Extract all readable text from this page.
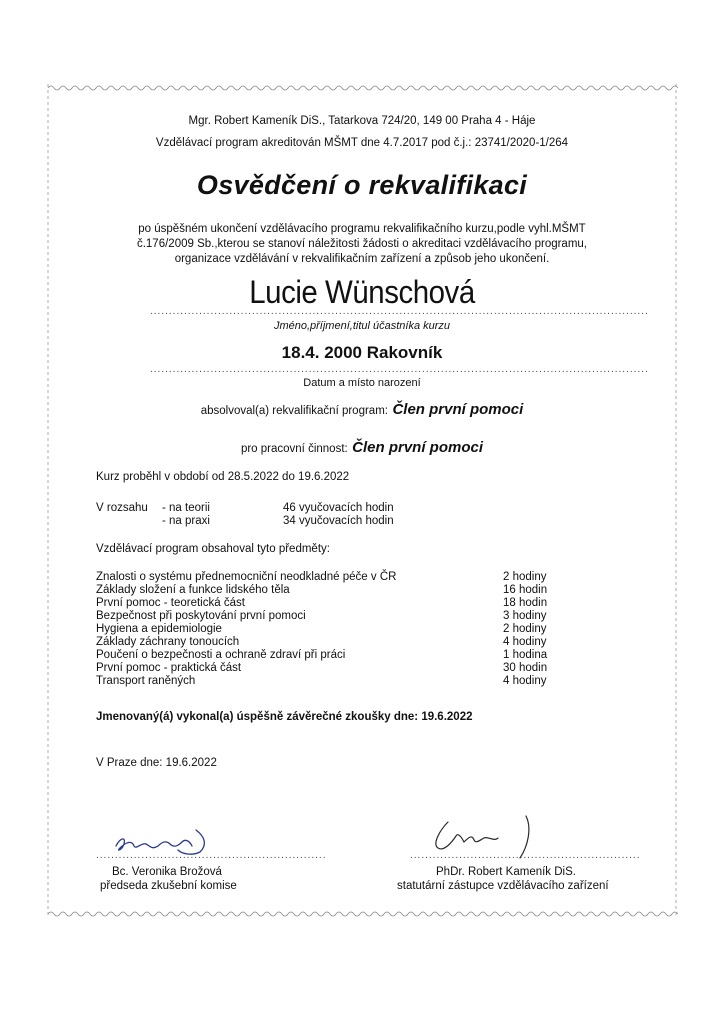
Mgr. Robert Kameník DiS., Tatarkova 724/20, 149 00 Praha 4 - Háje
Vzdělávací program akreditován MŠMT dne 4.7.2017 pod č.j.: 23741/2020-1/264
Osvědčení o rekvalifikaci
po úspěšném ukončení vzdělávacího programu rekvalifikačního kurzu,podle vyhl.MŠMT
č.176/2009 Sb.,kterou se stanoví náležitosti žádosti o akreditaci vzdělávacího programu,
organizace vzdělávání v rekvalifikačním zařízení a způsob jeho ukončení.
Lucie Wünschová
....................................................................................................................................
Jméno,příjmení,titul účastníka kurzu
18.4. 2000 Rakovník
....................................................................................................................................
Datum a místo narození
absolvoval(a) rekvalifikační program: Člen první pomoci
pro pracovní činnost: Člen první pomoci
Kurz proběhl v období od 28.5.2022 do 19.6.2022
V rozsahu - na teorii	46 vyučovacích hodin
- na praxi	34 vyučovacích hodin
Vzdělávací program obsahoval tyto předměty:
Znalosti o systému přednemocniční neodkladné péče v ČR	2 hodiny
Základy složení a funkce lidského těla	16 hodin
První pomoc - teoretická část	18 hodin
Bezpečnost při poskytování první pomoci	3 hodiny
Hygiena a epidemiologie	2 hodiny
Základy záchrany tonoucích	4 hodiny
Poučení o bezpečnosti a ochraně zdraví při práci	1 hodina
První pomoc - praktická část	30 hodin
Transport raněných	4 hodiny
Jmenovaný(á) vykonal(a) úspěšně závěrečné zkoušky dne: 19.6.2022
V Praze dne: 19.6.2022
.............................................................
Bc. Veronika Brožová
předseda zkušební komise
.............................................................
PhDr. Robert Kameník DiS.
statutární zástupce vzdělávacího zařízení
